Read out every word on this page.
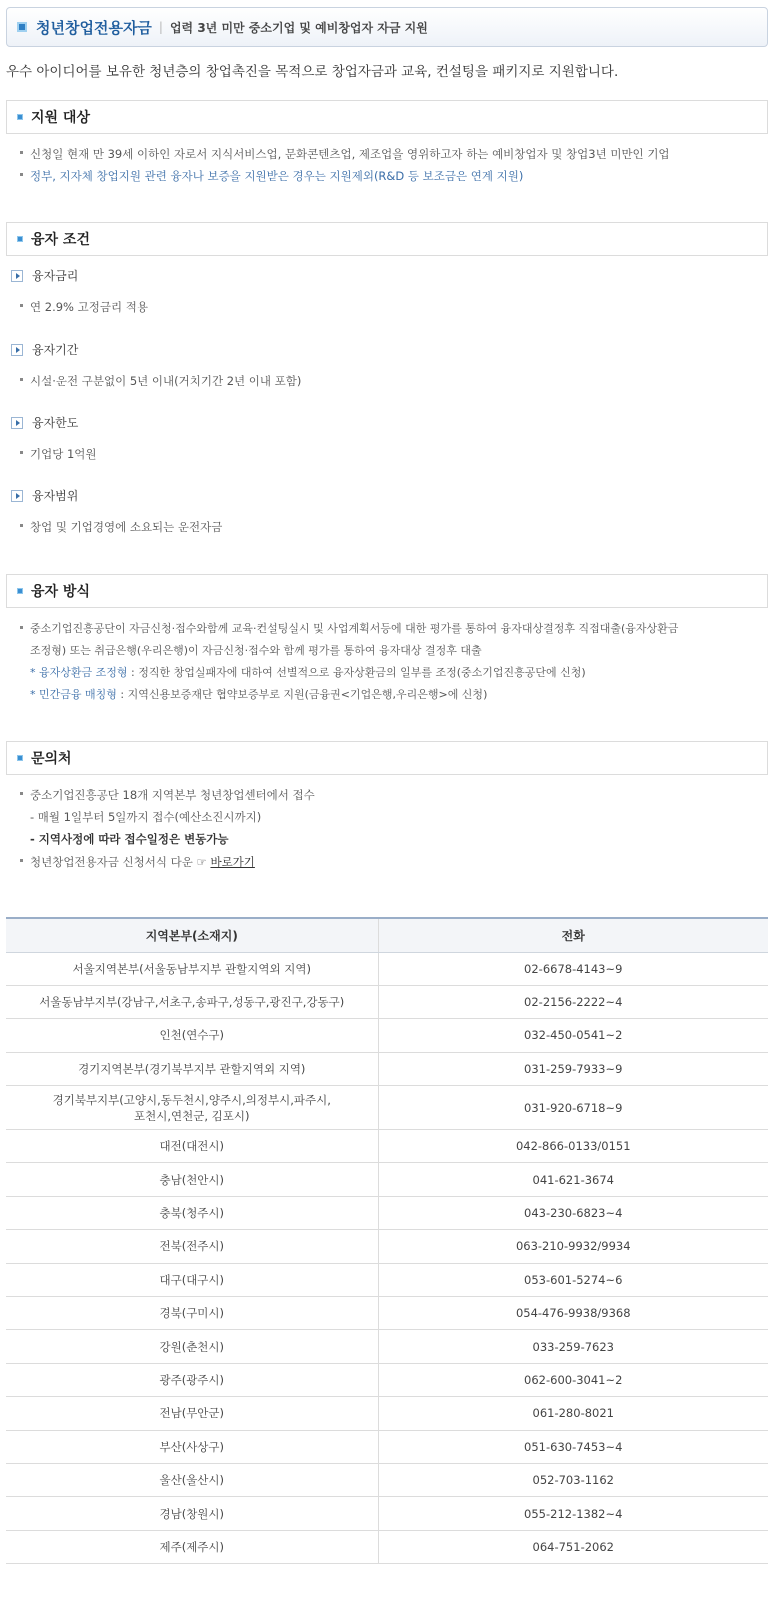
청년창업전용자금 | 업력 3년 미만 중소기업 및 예비창업자 자금 지원
우수 아이디어를 보유한 청년층의 창업촉진을 목적으로 창업자금과 교육, 컨설팅을 패키지로 지원합니다.
지원 대상
신청일 현재 만 39세 이하인 자로서 지식서비스업, 문화콘텐츠업, 제조업을 영위하고자 하는 예비창업자 및 창업3년 미만인 기업
정부, 지자체 창업지원 관련 융자나 보증을 지원받은 경우는 지원제외(R&D 등 보조금은 연계 지원)
융자 조건
융자금리
연 2.9% 고정금리 적용
융자기간
시설·운전 구분없이 5년 이내(거치기간 2년 이내 포함)
융자한도
기업당 1억원
융자범위
창업 및 기업경영에 소요되는 운전자금
융자 방식
중소기업진흥공단이 자금신청·접수와함께 교육·컨설팅실시 및 사업계획서등에 대한 평가를 통하여 융자대상결정후 직접대출(융자상환금
조정형) 또는 취급은행(우리은행)이 자금신청·접수와 함께 평가를 통하여 융자대상 결정후 대출
* 융자상환금 조정형 : 정직한 창업실패자에 대하여 선별적으로 융자상환금의 일부를 조정(중소기업진흥공단에 신청)
* 민간금융 매칭형 : 지역신용보증재단 협약보증부로 지원(금융권<기업은행,우리은행>에 신청)
문의처
중소기업진흥공단 18개 지역본부 청년창업센터에서 접수
- 매월 1일부터 5일까지 접수(예산소진시까지)
- 지역사정에 따라 접수일정은 변동가능
청년창업전용자금 신청서식 다운 ☞ 바로가기
지역본부(소재지)	전화
서울지역본부(서울동남부지부 관할지역외 지역)	02-6678-4143~9
서울동남부지부(강남구,서초구,송파구,성동구,광진구,강동구)	02-2156-2222~4
인천(연수구)	032-450-0541~2
경기지역본부(경기북부지부 관할지역외 지역)	031-259-7933~9
경기북부지부(고양시,동두천시,양주시,의정부시,파주시,
포천시,연천군, 김포시)	031-920-6718~9
대전(대전시)	042-866-0133/0151
충남(천안시)	041-621-3674
충북(청주시)	043-230-6823~4
전북(전주시)	063-210-9932/9934
대구(대구시)	053-601-5274~6
경북(구미시)	054-476-9938/9368
강원(춘천시)	033-259-7623
광주(광주시)	062-600-3041~2
전남(무안군)	061-280-8021
부산(사상구)	051-630-7453~4
울산(울산시)	052-703-1162
경남(창원시)	055-212-1382~4
제주(제주시)	064-751-2062
